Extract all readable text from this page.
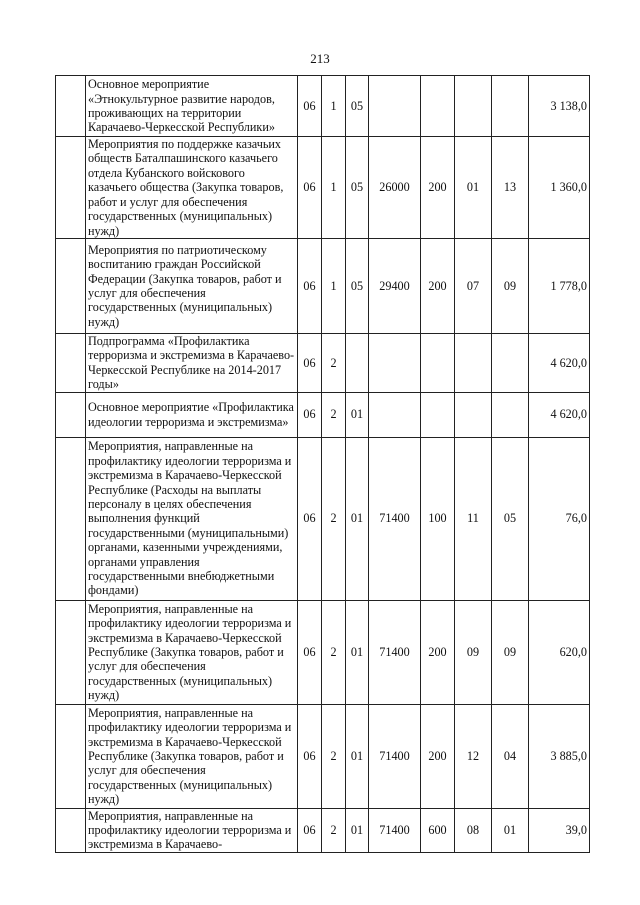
213
	Основное мероприятие «Этнокультурное развитие народов, проживающих на территории Карачаево-Черкесской Республики»	06	1	05					3 138,0
	Мероприятия по поддержке казачьих обществ Баталпашинского казачьего отдела Кубанского войскового казачьего общества (Закупка товаров, работ и услуг для обеспечения государственных (муниципальных) нужд)	06	1	05	26000	200	01	13	1 360,0
	Мероприятия по патриотическому воспитанию граждан Российской Федерации (Закупка товаров, работ и услуг для обеспечения государственных (муниципальных) нужд)	06	1	05	29400	200	07	09	1 778,0
	Подпрограмма «Профилактика терроризма и экстремизма в Карачаево-Черкесской Республике на 2014-2017 годы»	06	2						4 620,0
	Основное мероприятие «Профилактика идеологии терроризма и экстремизма»	06	2	01					4 620,0
	Мероприятия, направленные на профилактику идеологии терроризма и экстремизма в Карачаево-Черкесской Республике (Расходы на выплаты персоналу в целях обеспечения выполнения функций государственными (муниципальными) органами, казенными учреждениями, органами управления государственными внебюджетными фондами)	06	2	01	71400	100	11	05	76,0
	Мероприятия, направленные на профилактику идеологии терроризма и экстремизма в Карачаево-Черкесской Республике (Закупка товаров, работ и услуг для обеспечения государственных (муниципальных) нужд)	06	2	01	71400	200	09	09	620,0
	Мероприятия, направленные на профилактику идеологии терроризма и экстремизма в Карачаево-Черкесской Республике (Закупка товаров, работ и услуг для обеспечения государственных (муниципальных) нужд)	06	2	01	71400	200	12	04	3 885,0
	Мероприятия, направленные на профилактику идеологии терроризма и экстремизма в Карачаево-	06	2	01	71400	600	08	01	39,0
